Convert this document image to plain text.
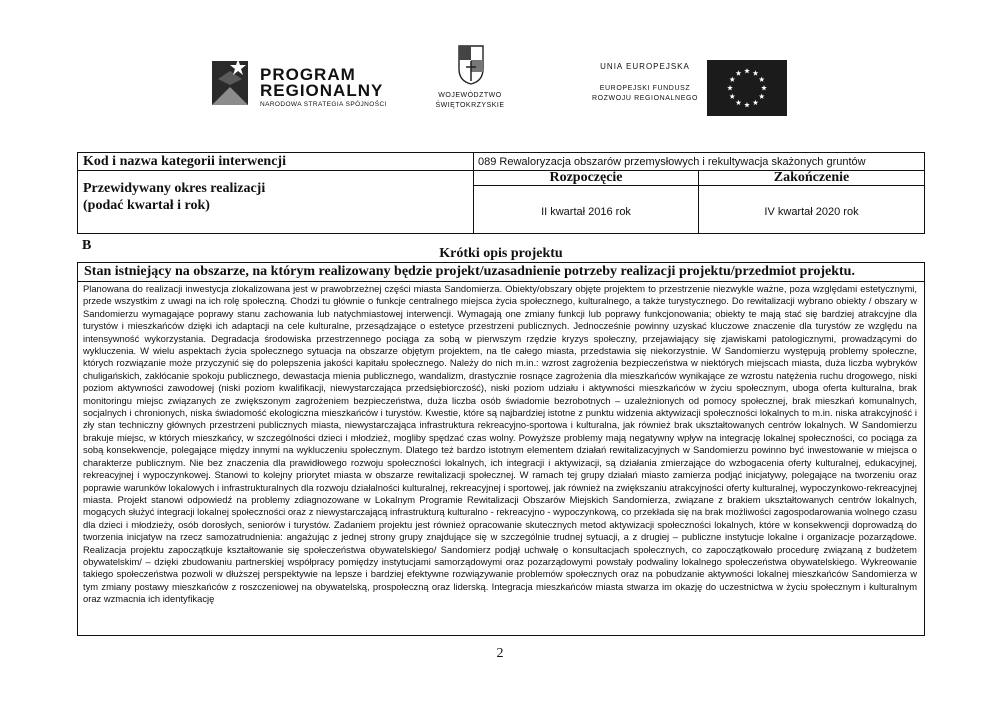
PROGRAM
REGIONALNY
NARODOWA STRATEGIA SPÓJNOŚCI
WOJEWÓDZTWO
ŚWIĘTOKRZYSKIE
UNIA EUROPEJSKA
EUROPEJSKI FUNDUSZ
ROZWOJU REGIONALNEGO
Kod i nazwa kategorii interwencji	089 Rewaloryzacja obszarów przemysłowych i rekultywacja skażonych gruntów
Przewidywany okres realizacji
(podać kwartał i rok)
Rozpoczęcie	Zakończenie
II kwartał 2016 rok	IV kwartał 2020 rok
B
Krótki opis projektu
Stan istniejący na obszarze, na którym realizowany będzie projekt/uzasadnienie potrzeby realizacji projektu/przedmiot projektu.
Planowana do realizacji inwestycja zlokalizowana jest w prawobrzeżnej części miasta Sandomierza. Obiekty/obszary objęte projektem to przestrzenie niezwykle ważne, poza względami estetycznymi, przede wszystkim z uwagi na ich rolę społeczną. Chodzi tu głównie o funkcje centralnego miejsca życia społecznego, kulturalnego, a także turystycznego. Do rewitalizacji wybrano obiekty / obszary w Sandomierzu wymagające poprawy stanu zachowania lub natychmiastowej interwencji. Wymagają one zmiany funkcji lub poprawy funkcjonowania; obiekty te mają stać się bardziej atrakcyjne dla turystów i mieszkańców dzięki ich adaptacji na cele kulturalne, przesądzające o estetyce przestrzeni publicznych. Jednocześnie powinny uzyskać kluczowe znaczenie dla turystów ze względu na intensywność wykorzystania. Degradacja środowiska przestrzennego pociąga za sobą w pierwszym rzędzie kryzys społeczny, przejawiający się zjawiskami patologicznymi, prowadzącymi do wykluczenia. W wielu aspektach życia społecznego sytuacja na obszarze objętym projektem, na tle całego miasta, przedstawia się niekorzystnie. W Sandomierzu występują problemy społeczne, których rozwiązanie może przyczynić się do polepszenia jakości kapitału społecznego. Należy do nich m.in.: wzrost zagrożenia bezpieczeństwa w niektórych miejscach miasta, duża liczba wybryków chuligańskich, zakłócanie spokoju publicznego, dewastacja mienia publicznego, wandalizm, drastycznie rosnące zagrożenia dla mieszkańców wynikające ze wzrostu natężenia ruchu drogowego, niski poziom aktywności zawodowej (niski poziom kwalifikacji, niewystarczająca przedsiębiorczość), niski poziom udziału i aktywności mieszkańców w życiu społecznym, uboga oferta kulturalna, brak monitoringu miejsc związanych ze zwiększonym zagrożeniem bezpieczeństwa, duża liczba osób świadomie bezrobotnych – uzależnionych od pomocy społecznej, brak mieszkań komunalnych, socjalnych i chronionych, niska świadomość ekologiczna mieszkańców i turystów. Kwestie, które są najbardziej istotne z punktu widzenia aktywizacji społeczności lokalnych to m.in. niska atrakcyjność i zły stan techniczny głównych przestrzeni publicznych miasta, niewystarczająca infrastruktura rekreacyjno-sportowa i kulturalna, jak również brak ukształtowanych centrów lokalnych. W Sandomierzu brakuje miejsc, w których mieszkańcy, w szczególności dzieci i młodzież, mogliby spędzać czas wolny. Powyższe problemy mają negatywny wpływ na integrację lokalnej społeczności, co pociąga za sobą konsekwencje, polegające między innymi na wykluczeniu społecznym. Dlatego też bardzo istotnym elementem działań rewitalizacyjnych w Sandomierzu powinno być inwestowanie w miejsca o charakterze publicznym. Nie bez znaczenia dla prawidłowego rozwoju społeczności lokalnych, ich integracji i aktywizacji, są działania zmierzające do wzbogacenia oferty kulturalnej, edukacyjnej, rekreacyjnej i wypoczynkowej. Stanowi to kolejny priorytet miasta w obszarze rewitalizacji społecznej. W ramach tej grupy działań miasto zamierza podjąć inicjatywy, polegające na tworzeniu oraz poprawie warunków lokalowych i infrastrukturalnych dla rozwoju działalności kulturalnej, rekreacyjnej i sportowej, jak również na zwiększaniu atrakcyjności oferty kulturalnej, wypoczynkowo-rekreacyjnej miasta. Projekt stanowi odpowiedź na problemy zdiagnozowane w Lokalnym Programie Rewitalizacji Obszarów Miejskich Sandomierza, związane z brakiem ukształtowanych centrów lokalnych, mogących służyć integracji lokalnej społeczności oraz z niewystarczającą infrastrukturą kulturalno - rekreacyjno - wypoczynkową, co przekłada się na brak możliwości zagospodarowania wolnego czasu dla dzieci i młodzieży, osób dorosłych, seniorów i turystów. Zadaniem projektu jest również opracowanie skutecznych metod aktywizacji społeczności lokalnych, które w konsekwencji doprowadzą do tworzenia inicjatyw na rzecz samozatrudnienia: angażując z jednej strony grupy znajdujące się w szczególnie trudnej sytuacji, a z drugiej – publiczne instytucje lokalne i organizacje pozarządowe. Realizacja projektu zapoczątkuje kształtowanie się społeczeństwa obywatelskiego/ Sandomierz podjął uchwałę o konsultacjach społecznych, co zapoczątkowało procedurę związaną z budżetem obywatelskim/ – dzięki zbudowaniu partnerskiej współpracy pomiędzy instytucjami samorządowymi oraz pozarządowymi powstały podwaliny lokalnego społeczeństwa obywatelskiego. Wykreowanie takiego społeczeństwa pozwoli w dłuższej perspektywie na lepsze i bardziej efektywne rozwiązywanie problemów społecznych oraz na pobudzanie aktywności lokalnej mieszkańców Sandomierza w tym zmiany postawy mieszkańców z roszczeniowej na obywatelską, prospołeczną oraz liderską. Integracja mieszkańców miasta stwarza im okazję do uczestnictwa w życiu społecznym i kulturalnym oraz wzmacnia ich identyfikację
2
